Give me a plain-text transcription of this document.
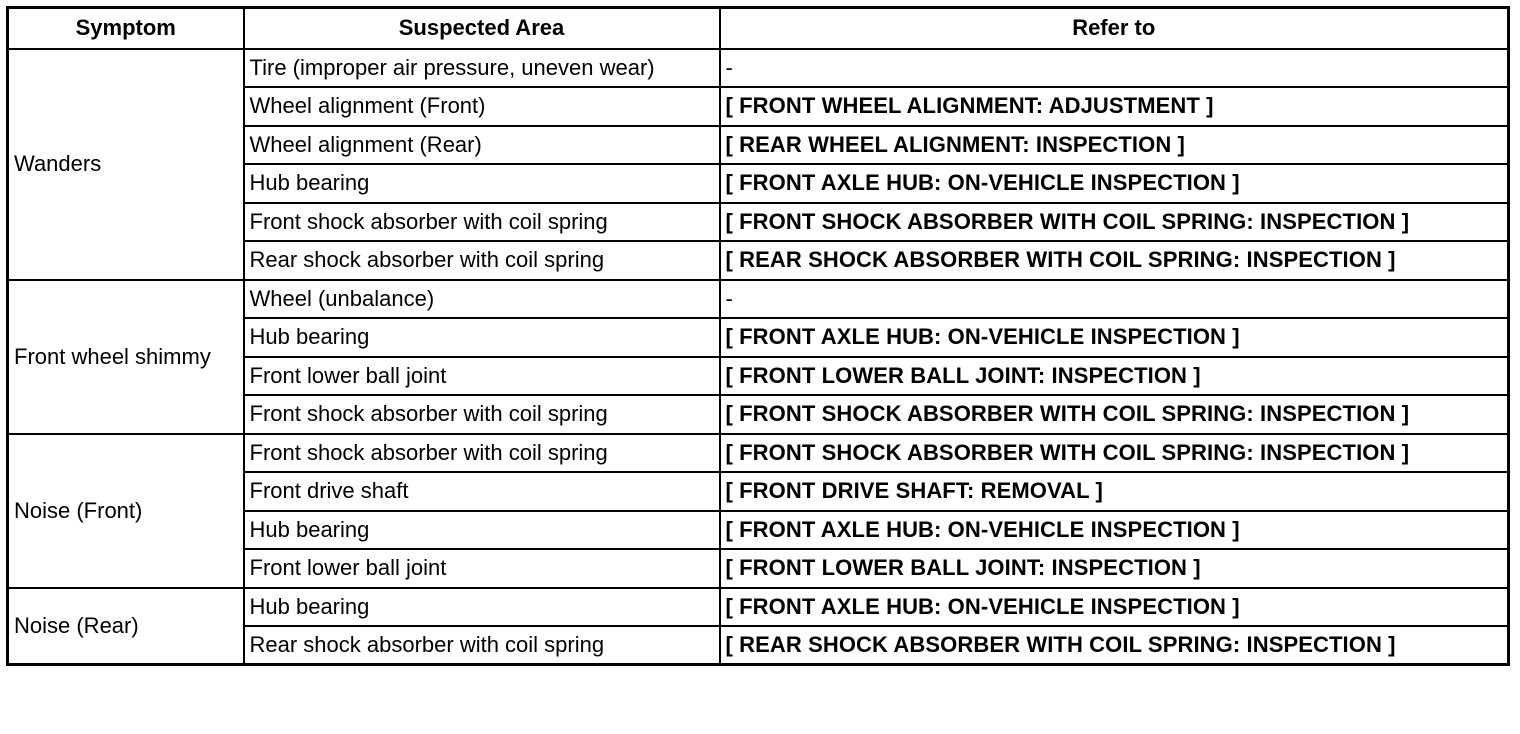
Symptom	Suspected Area	Refer to
Wanders	Tire (improper air pressure, uneven wear)	-
	Wheel alignment (Front)	[ FRONT WHEEL ALIGNMENT: ADJUSTMENT ]
	Wheel alignment (Rear)	[ REAR WHEEL ALIGNMENT: INSPECTION ]
	Hub bearing	[ FRONT AXLE HUB: ON-VEHICLE INSPECTION ]
	Front shock absorber with coil spring	[ FRONT SHOCK ABSORBER WITH COIL SPRING: INSPECTION ]
	Rear shock absorber with coil spring	[ REAR SHOCK ABSORBER WITH COIL SPRING: INSPECTION ]
Front wheel shimmy	Wheel (unbalance)	-
	Hub bearing	[ FRONT AXLE HUB: ON-VEHICLE INSPECTION ]
	Front lower ball joint	[ FRONT LOWER BALL JOINT: INSPECTION ]
	Front shock absorber with coil spring	[ FRONT SHOCK ABSORBER WITH COIL SPRING: INSPECTION ]
Noise (Front)	Front shock absorber with coil spring	[ FRONT SHOCK ABSORBER WITH COIL SPRING: INSPECTION ]
	Front drive shaft	[ FRONT DRIVE SHAFT: REMOVAL ]
	Hub bearing	[ FRONT AXLE HUB: ON-VEHICLE INSPECTION ]
	Front lower ball joint	[ FRONT LOWER BALL JOINT: INSPECTION ]
Noise (Rear)	Hub bearing	[ FRONT AXLE HUB: ON-VEHICLE INSPECTION ]
	Rear shock absorber with coil spring	[ REAR SHOCK ABSORBER WITH COIL SPRING: INSPECTION ]
